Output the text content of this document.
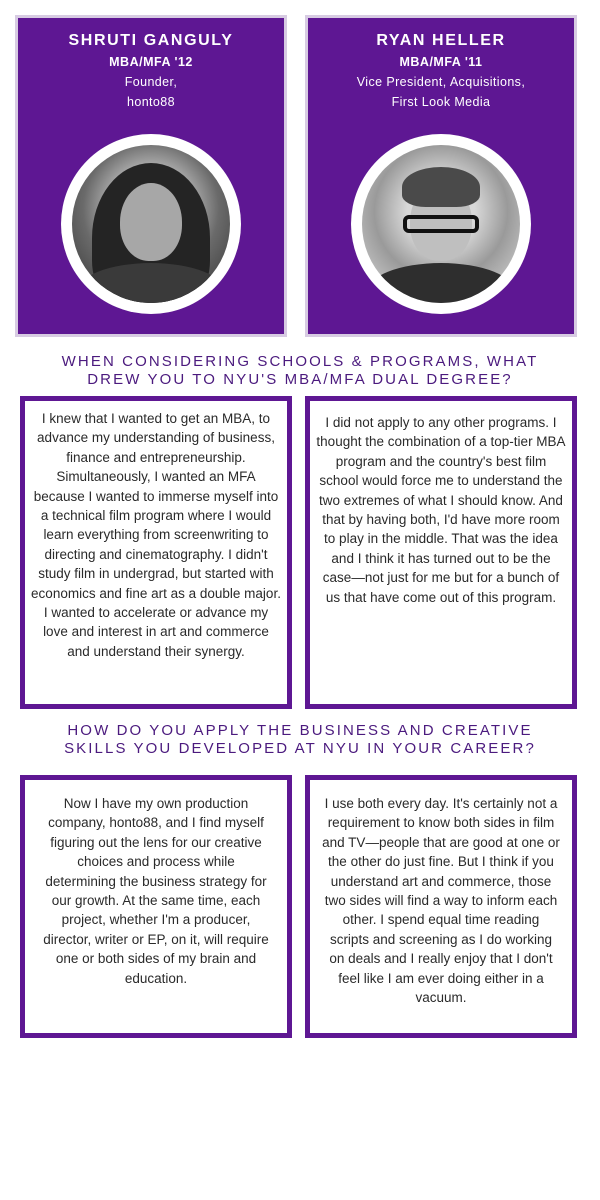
SHRUTI GANGULY
MBA/MFA '12
Founder,
honto88
RYAN HELLER
MBA/MFA '11
Vice President, Acquisitions,
First Look Media
WHEN CONSIDERING SCHOOLS & PROGRAMS, WHAT
DREW YOU TO NYU'S MBA/MFA DUAL DEGREE?
I knew that I wanted to get an MBA, to advance my understanding of business, finance and entrepreneurship. Simultaneously, I wanted an MFA because I wanted to immerse myself into a technical film program where I would learn everything from screenwriting to directing and cinematography. I didn't study film in undergrad, but started with economics and fine art as a double major. I wanted to accelerate or advance my love and interest in art and commerce and understand their synergy.
I did not apply to any other programs. I thought the combination of a top-tier MBA program and the country's best film school would force me to understand the two extremes of what I should know. And that by having both, I'd have more room to play in the middle. That was the idea and I think it has turned out to be the case—not just for me but for a bunch of us that have come out of this program.
HOW DO YOU APPLY THE BUSINESS AND CREATIVE
SKILLS YOU DEVELOPED AT NYU IN YOUR CAREER?
Now I have my own production company, honto88, and I find myself figuring out the lens for our creative choices and process while determining the business strategy for our growth. At the same time, each project, whether I'm a producer, director, writer or EP, on it, will require one or both sides of my brain and education.
I use both every day. It's certainly not a requirement to know both sides in film and TV—people that are good at one or the other do just fine. But I think if you understand art and commerce, those two sides will find a way to inform each other. I spend equal time reading scripts and screening as I do working on deals and I really enjoy that I don't feel like I am ever doing either in a vacuum.
